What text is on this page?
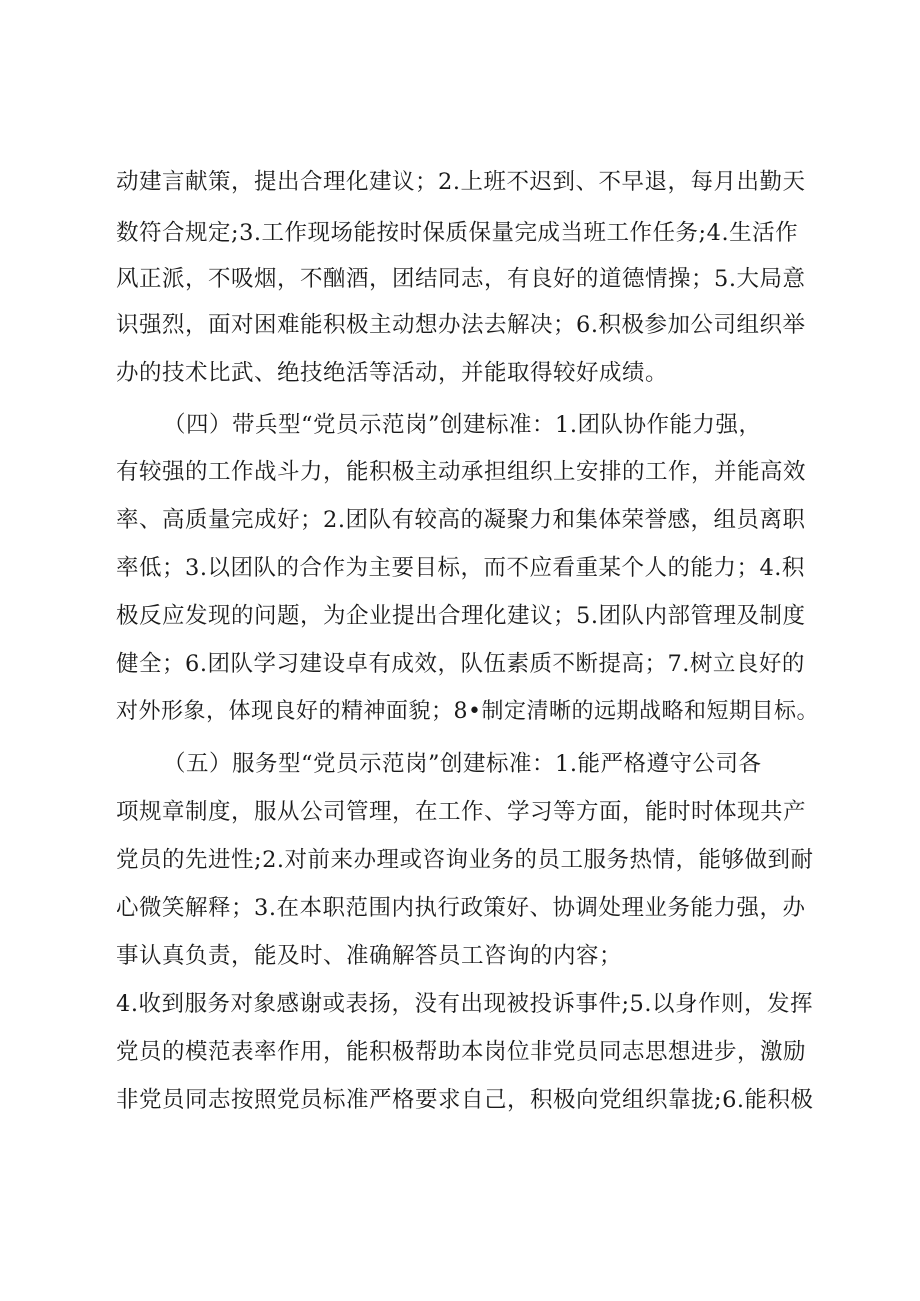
动建言献策，提出合理化建议；2.上班不迟到、不早退，每月出勤天
数符合规定;3.工作现场能按时保质保量完成当班工作任务;4.生活作
风正派，不吸烟，不酗酒，团结同志，有良好的道德情操；5.大局意
识强烈，面对困难能积极主动想办法去解决；6.积极参加公司组织举
办的技术比武、绝技绝活等活动，并能取得较好成绩。
（四）带兵型“党员示范岗”创建标准：1.团队协作能力强，
有较强的工作战斗力，能积极主动承担组织上安排的工作，并能高效
率、高质量完成好；2.团队有较高的凝聚力和集体荣誉感，组员离职
率低；3.以团队的合作为主要目标，而不应看重某个人的能力；4.积
极反应发现的问题，为企业提出合理化建议；5.团队内部管理及制度
健全；6.团队学习建设卓有成效，队伍素质不断提高；7.树立良好的
对外形象，体现良好的精神面貌；8•制定清晰的远期战略和短期目标。
（五）服务型“党员示范岗”创建标准：1.能严格遵守公司各
项规章制度，服从公司管理，在工作、学习等方面，能时时体现共产
党员的先进性;2.对前来办理或咨询业务的员工服务热情，能够做到耐
心微笑解释；3.在本职范围内执行政策好、协调处理业务能力强，办
事认真负责，能及时、准确解答员工咨询的内容；
4.收到服务对象感谢或表扬，没有出现被投诉事件;5.以身作则，发挥
党员的模范表率作用，能积极帮助本岗位非党员同志思想进步，激励
非党员同志按照党员标准严格要求自己，积极向党组织靠拢;6.能积极
